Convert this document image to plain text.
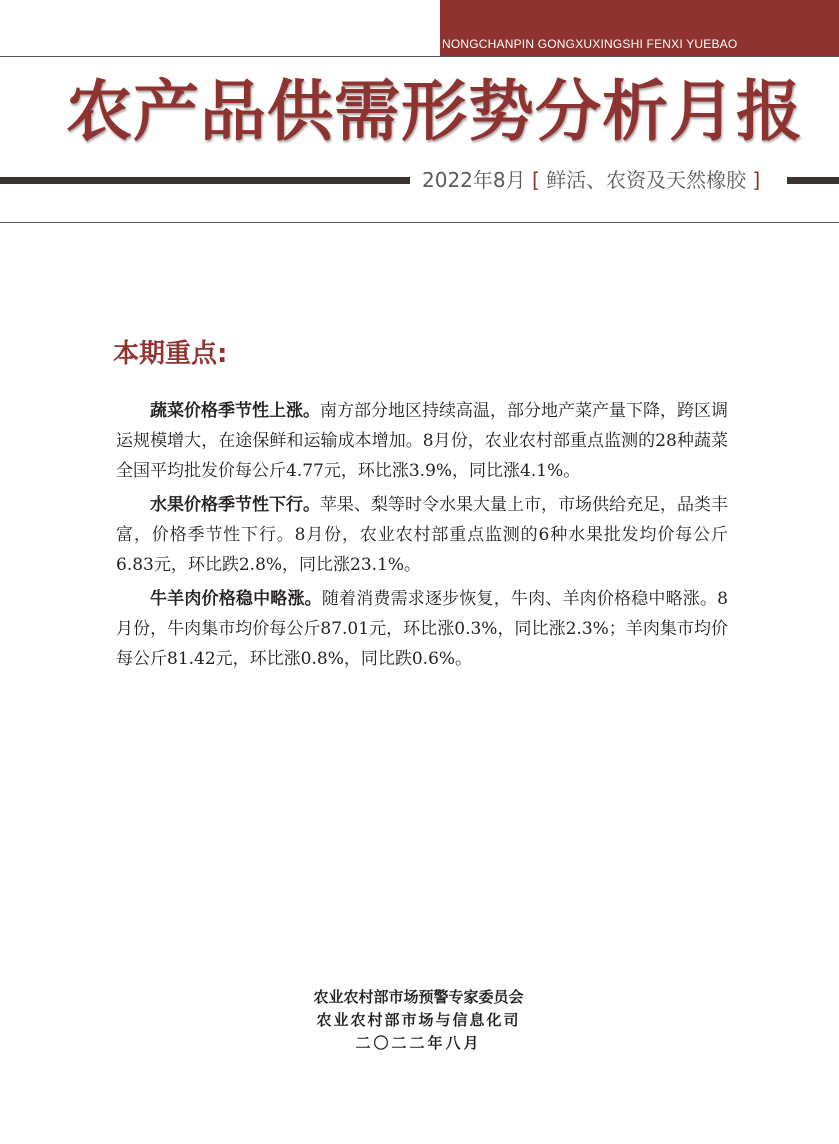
NONGCHANPIN GONGXUXINGSHI FENXI YUEBAO
农产品供需形势分析月报
2022年8月 [ 鲜活、农资及天然橡胶 ]
本期重点:

蔬菜价格季节性上涨。南方部分地区持续高温，部分地产菜产量下降，跨区调运规模增大，在途保鲜和运输成本增加。8月份，农业农村部重点监测的28种蔬菜全国平均批发价每公斤4.77元，环比涨3.9%，同比涨4.1%。

水果价格季节性下行。苹果、梨等时令水果大量上市，市场供给充足，品类丰富，价格季节性下行。8月份，农业农村部重点监测的6种水果批发均价每公斤6.83元，环比跌2.8%，同比涨23.1%。

牛羊肉价格稳中略涨。随着消费需求逐步恢复，牛肉、羊肉价格稳中略涨。8月份，牛肉集市均价每公斤87.01元，环比涨0.3%，同比涨2.3%；羊肉集市均价每公斤81.42元，环比涨0.8%，同比跌0.6%。

农业农村部市场预警专家委员会
农业农村部市场与信息化司
二〇二二年八月
